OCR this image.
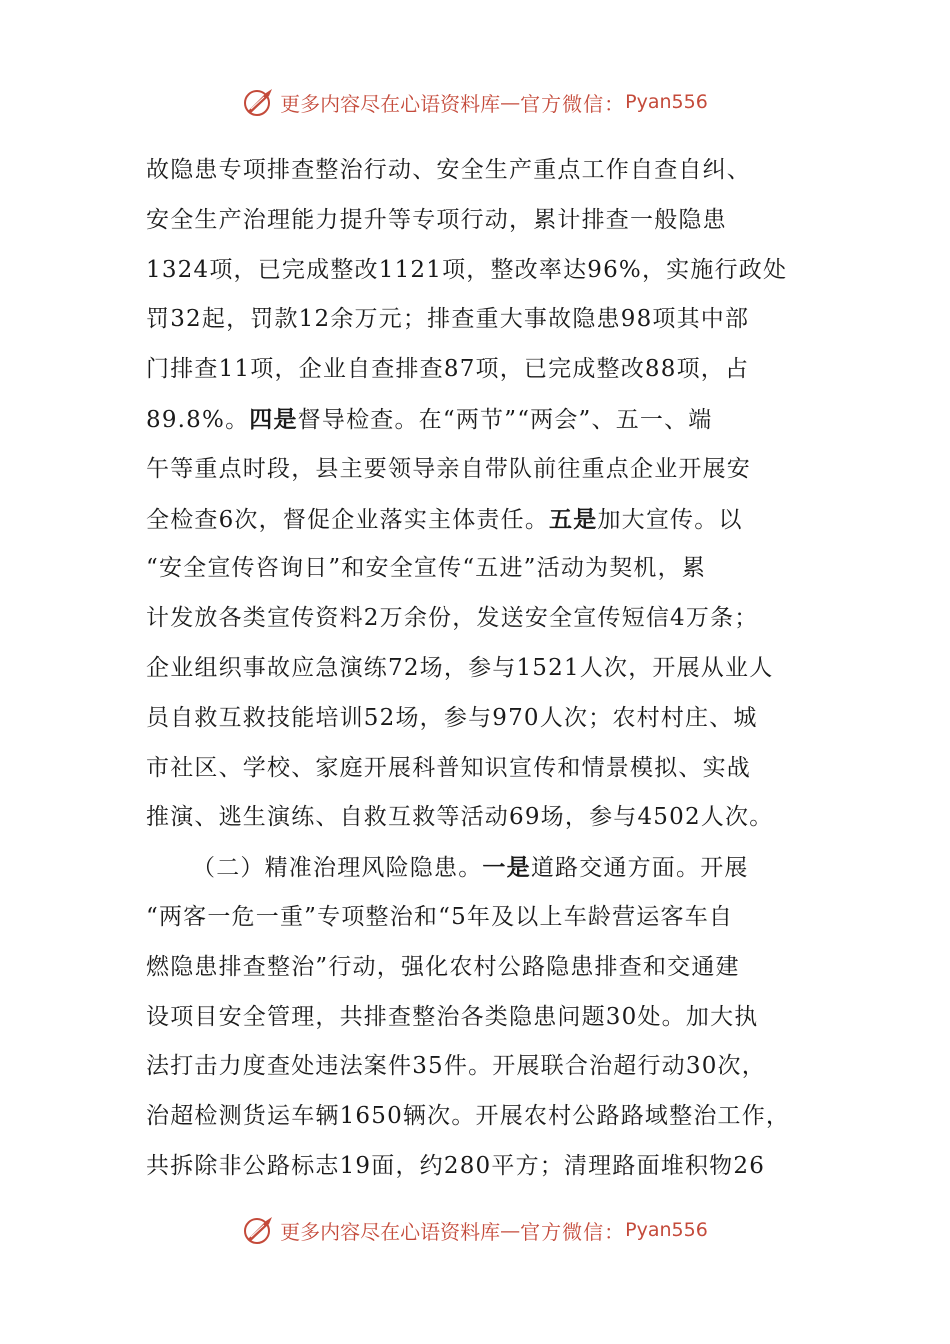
更多内容尽在心语资料库 — 官方微信： Pyan556
故隐患专项排查整治行动、安全生产重点工作自查自纠、
安全生产治理能力提升等专项行动，累计排查一般隐患
1324项，已完成整改1121项，整改率达96%，实施行政处
罚32起，罚款12余万元；排查重大事故隐患98项其中部
门排查11项，企业自查排查87项，已完成整改88项，占
89.8%。四是督导检查。在“两节”“两会”、五一、端
午等重点时段，县主要领导亲自带队前往重点企业开展安
全检查6次，督促企业落实主体责任。五是加大宣传。以
“安全宣传咨询日”和安全宣传“五进”活动为契机，累
计发放各类宣传资料2万余份，发送安全宣传短信4万条；
企业组织事故应急演练72场，参与1521人次，开展从业人
员自救互救技能培训52场，参与970人次；农村村庄、城
市社区、学校、家庭开展科普知识宣传和情景模拟、实战
推演、逃生演练、自救互救等活动69场，参与4502人次。
（二）精准治理风险隐患。一是道路交通方面。开展
“两客一危一重”专项整治和“5年及以上车龄营运客车自
燃隐患排查整治”行动，强化农村公路隐患排查和交通建
设项目安全管理，共排查整治各类隐患问题30处。加大执
法打击力度查处违法案件35件。开展联合治超行动30次，
治超检测货运车辆1650辆次。开展农村公路路域整治工作，
共拆除非公路标志19面，约280平方；清理路面堆积物26
更多内容尽在心语资料库 — 官方微信： Pyan556
